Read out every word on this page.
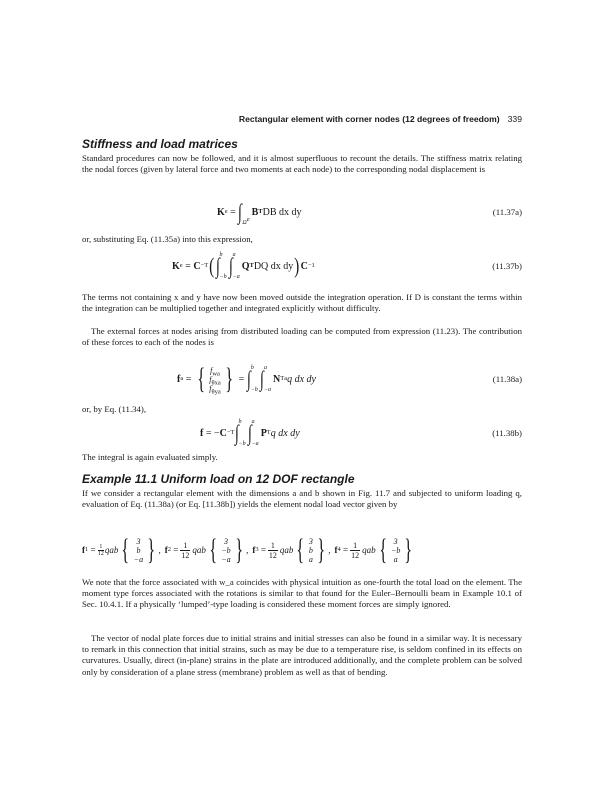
Rectangular element with corner nodes (12 degrees of freedom) 339
Stiffness and load matrices
Standard procedures can now be followed, and it is almost superfluous to recount the details. The stiffness matrix relating the nodal forces (given by lateral force and two moments at each node) to the corresponding nodal displacement is
K e = ∫ $\Omega^e$
B T DB dx dy	(11.37a)
or, substituting Eq. (11.35a) into this expression,
K e = C −T ( ∫ b
−b ∫ a
−a
Q T DQ dx dy ) C −1	(11.37b)
The terms not containing x and y have now been moved outside the integration operation. If D is constant the terms within the integration can be multiplied together and integrated explicitly without difficulty.
The external forces at nodes arising from distributed loading can be computed from expression (11.23). The contribution of these forces to each of the nodes is
f a = { $f_{wa}$
$f_{\theta xa}$
$f_{\theta ya}$ } = ∫ b
−b ∫ a
−a
N T a q dx dy	(11.38a)
or, by Eq. (11.34),
f = − C −T ∫ b
−b ∫ a
−a
P T q dx dy	(11.38b)
The integral is again evaluated simply.
Example 11.1 Uniform load on 12 DOF rectangle
If we consider a rectangular element with the dimensions a and b shown in Fig. 11.7 and subjected to uniform loading q, evaluation of Eq. (11.38a) (or Eq. [11.38b]) yields the element nodal load vector given by
f 1 = 1
12 qab { 3
b
−a } , f $2 = \frac{1}{12}$ qab { 3
−b
−a } , f $3 = \frac{1}{12}$ qab { 3
b
a } , f $4 = \frac{1}{12}$ qab { 3
−b
a }
We note that the force associated with w_a coincides with physical intuition as one-fourth the total load on the element. The moment type forces associated with the rotations is similar to that found for the Euler–Bernoulli beam in Example 10.1 of Sec. 10.4.1. If a physically ‘lumped’-type loading is considered these moment forces are simply ignored.
The vector of nodal plate forces due to initial strains and initial stresses can also be found in a similar way. It is necessary to remark in this connection that initial strains, such as may be due to a temperature rise, is seldom confined in its effects on curvatures. Usually, direct (in-plane) strains in the plate are introduced additionally, and the complete problem can be solved only by consideration of a plane stress (membrane) problem as well as that of bending.
